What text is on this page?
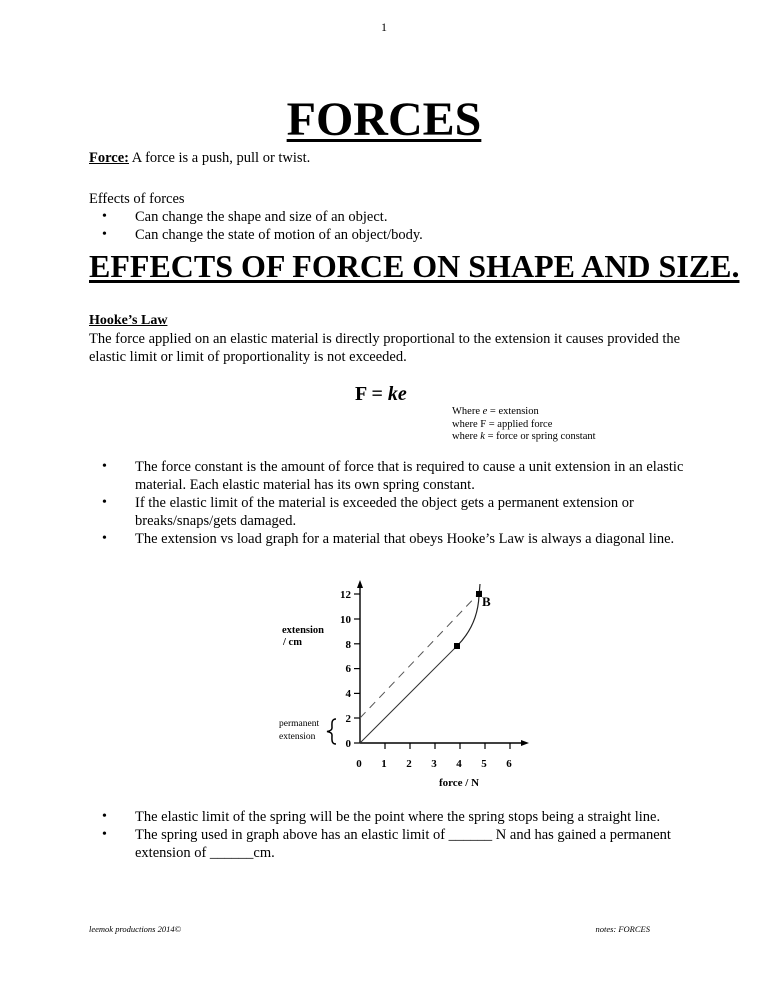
1
FORCES
Force: A force is a push, pull or twist.
Effects of forces
• Can change the shape and size of an object.
• Can change the state of motion of an object/body.
EFFECTS OF FORCE ON SHAPE AND SIZE.
Hooke’s Law
The force applied on an elastic material is directly proportional to the extension it causes provided the elastic limit or limit of proportionality is not exceeded.
F = ke
Where e = extension
where F = applied force
where k = force or spring constant
• The force constant is the amount of force that is required to cause a unit extension in an elastic material. Each elastic material has its own spring constant.
• If the elastic limit of the material is exceeded the object gets a permanent extension or breaks/snaps/gets damaged.
• The extension vs load graph for a material that obeys Hooke’s Law is always a diagonal line.
0
2
4
6
8
10
12
0 1 2 3 4 5 6
B
extension
/ cm
force / N
permanent
extension
• The elastic limit of the spring will be the point where the spring stops being a straight line.
• The spring used in graph above has an elastic limit of ______ N and has gained a permanent extension of ______cm.
leemok productions 2014©	notes: FORCES
